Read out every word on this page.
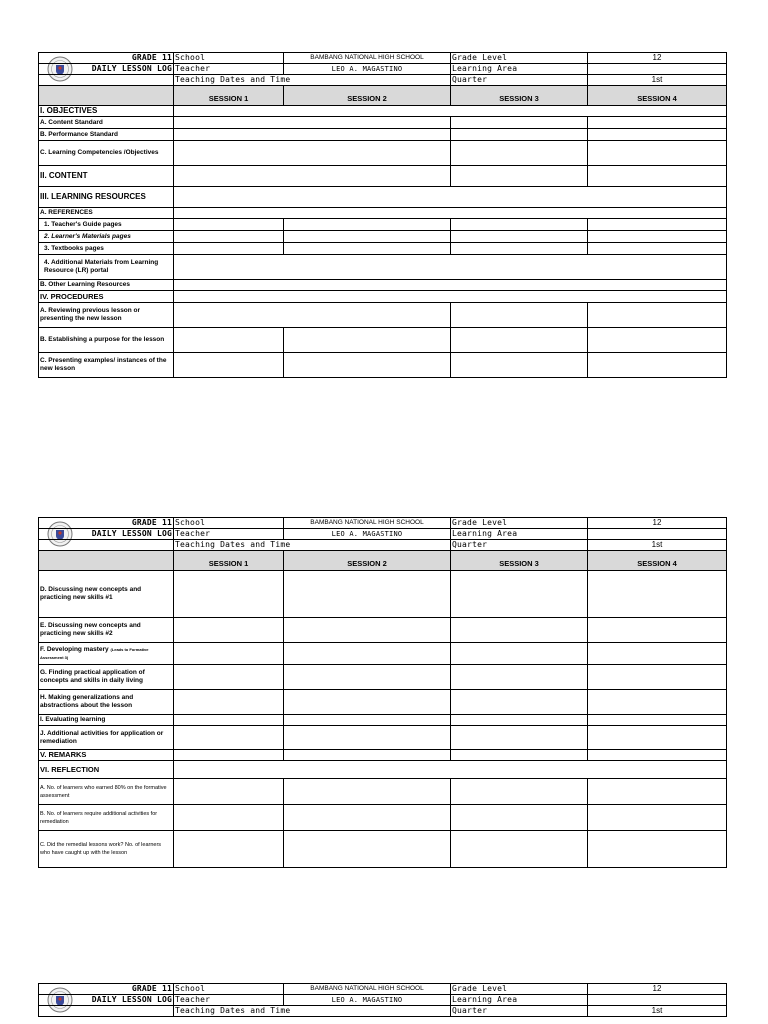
GRADE 11	School	BAMBANG NATIONAL HIGH SCHOOL	Grade Level	12
DAILY LESSON LOG	Teacher	LEO A. MAGASTINO	Learning Area	
	Teaching Dates and Time		Quarter	1st
	SESSION 1	SESSION 2	SESSION 3	SESSION 4
I. OBJECTIVES				
A. Content Standard				
B. Performance Standard				
C. Learning Competencies /Objectives				
II. CONTENT				
III. LEARNING RESOURCES				
A. REFERENCES				
1. Teacher's Guide pages				
2. Learner's Materials pages				
3. Textbooks pages				
4. Additional Materials from Learning Resource (LR) portal				
B. Other Learning Resources				
IV. PROCEDURES				
A. Reviewing previous lesson or presenting the new lesson				
B. Establishing a purpose for the lesson				
C. Presenting examples/ instances of the new lesson				
GRADE 11	School	BAMBANG NATIONAL HIGH SCHOOL	Grade Level	12
DAILY LESSON LOG	Teacher	LEO A. MAGASTINO	Learning Area	
	Teaching Dates and Time		Quarter	1st
	SESSION 1	SESSION 2	SESSION 3	SESSION 4
D. Discussing new concepts and practicing new skills #1				
E. Discussing new concepts and practicing new skills #2				
F. Developing mastery (Leads to Formative Assessment 3)				
G. Finding practical application of concepts and skills in daily living				
H. Making generalizations and abstractions about the lesson				
I. Evaluating learning				
J. Additional activities for application or remediation				
V. REMARKS				
VI. REFLECTION				
A. No. of learners who earned 80% on the formative assessment				
B. No. of learners require additional activities for remediation				
C. Did the remedial lessons work? No. of learners who have caught up with the lesson				
GRADE 11	School	BAMBANG NATIONAL HIGH SCHOOL	Grade Level	12
DAILY LESSON LOG	Teacher	LEO A. MAGASTINO	Learning Area	
	Teaching Dates and Time		Quarter	1st
